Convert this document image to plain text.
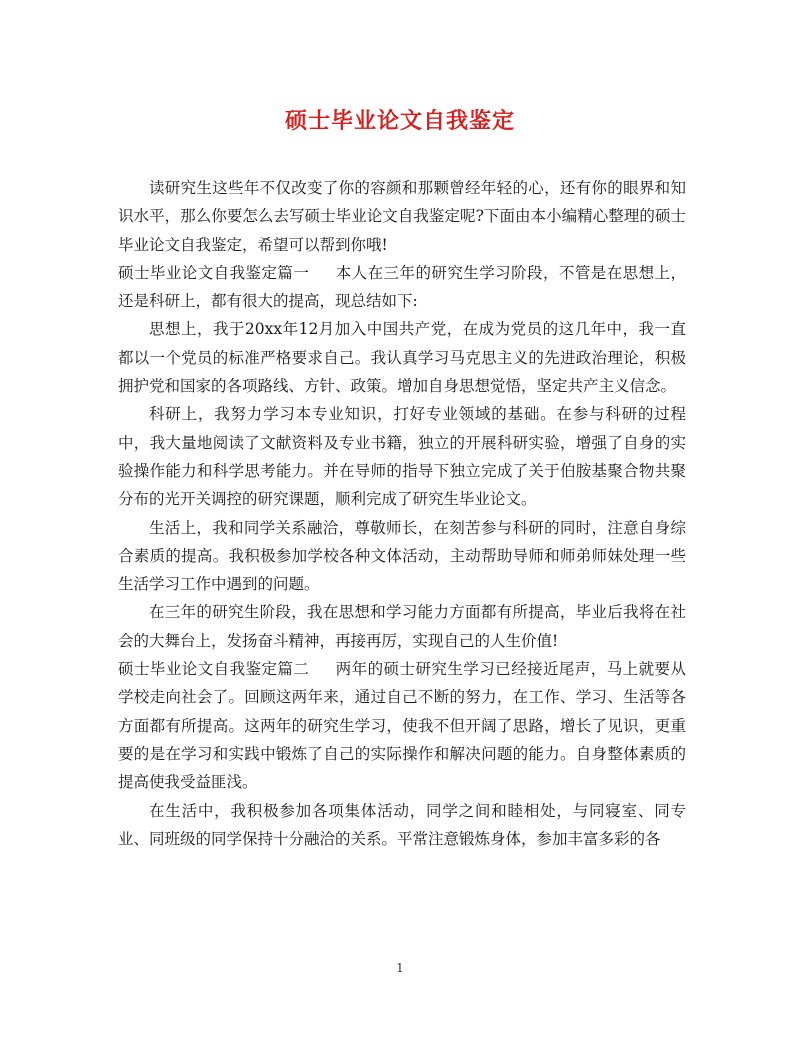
硕士毕业论文自我鉴定

读研究生这些年不仅改变了你的容颜和那颗曾经年轻的心，还有你的眼界和知识水平，那么你要怎么去写硕士毕业论文自我鉴定呢?下面由本小编精心整理的硕士毕业论文自我鉴定，希望可以帮到你哦!

硕士毕业论文自我鉴定篇一 本人在三年的研究生学习阶段，不管是在思想上，还是科研上，都有很大的提高，现总结如下:

思想上，我于20xx年12月加入中国共产党，在成为党员的这几年中，我一直都以一个党员的标准严格要求自己。我认真学习马克思主义的先进政治理论，积极拥护党和国家的各项路线、方针、政策。增加自身思想觉悟，坚定共产主义信念。

科研上，我努力学习本专业知识，打好专业领域的基础。在参与科研的过程中，我大量地阅读了文献资料及专业书籍，独立的开展科研实验，增强了自身的实验操作能力和科学思考能力。并在导师的指导下独立完成了关于伯胺基聚合物共聚分布的光开关调控的研究课题，顺利完成了研究生毕业论文。

生活上，我和同学关系融洽，尊敬师长，在刻苦参与科研的同时，注意自身综合素质的提高。我积极参加学校各种文体活动，主动帮助导师和师弟师妹处理一些生活学习工作中遇到的问题。

在三年的研究生阶段，我在思想和学习能力方面都有所提高，毕业后我将在社会的大舞台上，发扬奋斗精神，再接再厉，实现自己的人生价值!

硕士毕业论文自我鉴定篇二 两年的硕士研究生学习已经接近尾声，马上就要从学校走向社会了。回顾这两年来，通过自己不断的努力，在工作、学习、生活等各方面都有所提高。这两年的研究生学习，使我不但开阔了思路，增长了见识，更重要的是在学习和实践中锻炼了自己的实际操作和解决问题的能力。自身整体素质的提高使我受益匪浅。

在生活中，我积极参加各项集体活动，同学之间和睦相处，与同寝室、同专业、同班级的同学保持十分融洽的关系。平常注意锻炼身体，参加丰富多彩的各

1
